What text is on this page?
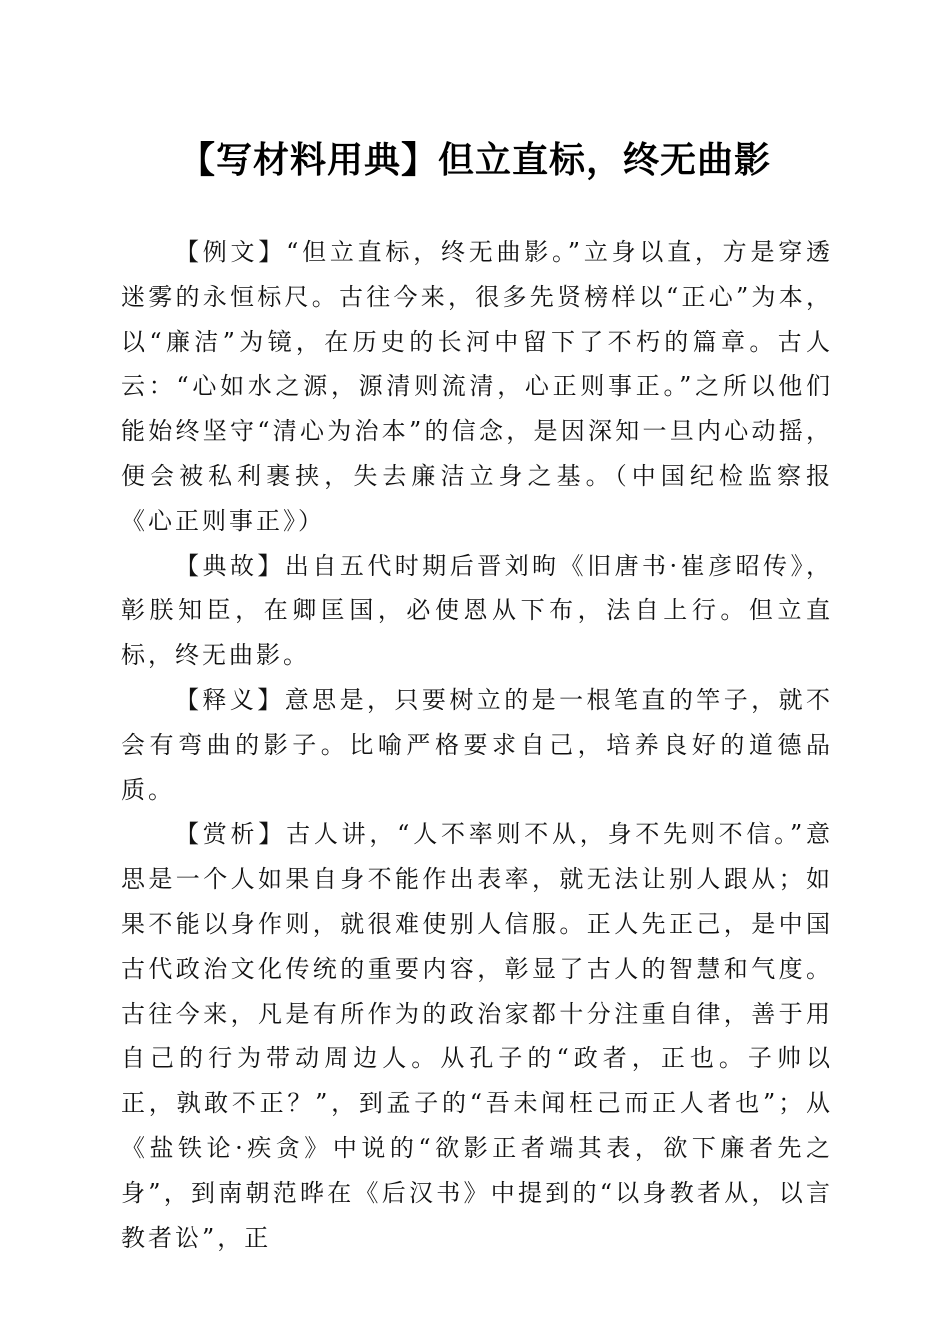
【写材料用典】但立直标，终无曲影

【例文】“但立直标，终无曲影。”立身以直，方是穿透迷雾的永恒标尺。古往今来，很多先贤榜样以“正心”为本，以“廉洁”为镜，在历史的长河中留下了不朽的篇章。古人云：“心如水之源，源清则流清，心正则事正。”之所以他们能始终坚守“清心为治本”的信念，是因深知一旦内心动摇，便会被私利裹挟，失去廉洁立身之基。（中国纪检监察报《心正则事正》）

【典故】出自五代时期后晋刘昫《旧唐书·崔彦昭传》，彰朕知臣，在卿匡国，必使恩从下布，法自上行。但立直标，终无曲影。

【释义】意思是，只要树立的是一根笔直的竿子，就不会有弯曲的影子。比喻严格要求自己，培养良好的道德品质。

【赏析】古人讲，“人不率则不从，身不先则不信。”意思是一个人如果自身不能作出表率，就无法让别人跟从；如果不能以身作则，就很难使别人信服。正人先正己，是中国古代政治文化传统的重要内容，彰显了古人的智慧和气度。古往今来，凡是有所作为的政治家都十分注重自律，善于用自己的行为带动周边人。从孔子的“政者，正也。子帅以正，孰敢不正？”，到孟子的“吾未闻枉己而正人者也”；从《盐铁论·疾贪》中说的“欲影正者端其表，欲下廉者先之身”，到南朝范晔在《后汉书》中提到的“以身教者从，以言教者讼”，正
